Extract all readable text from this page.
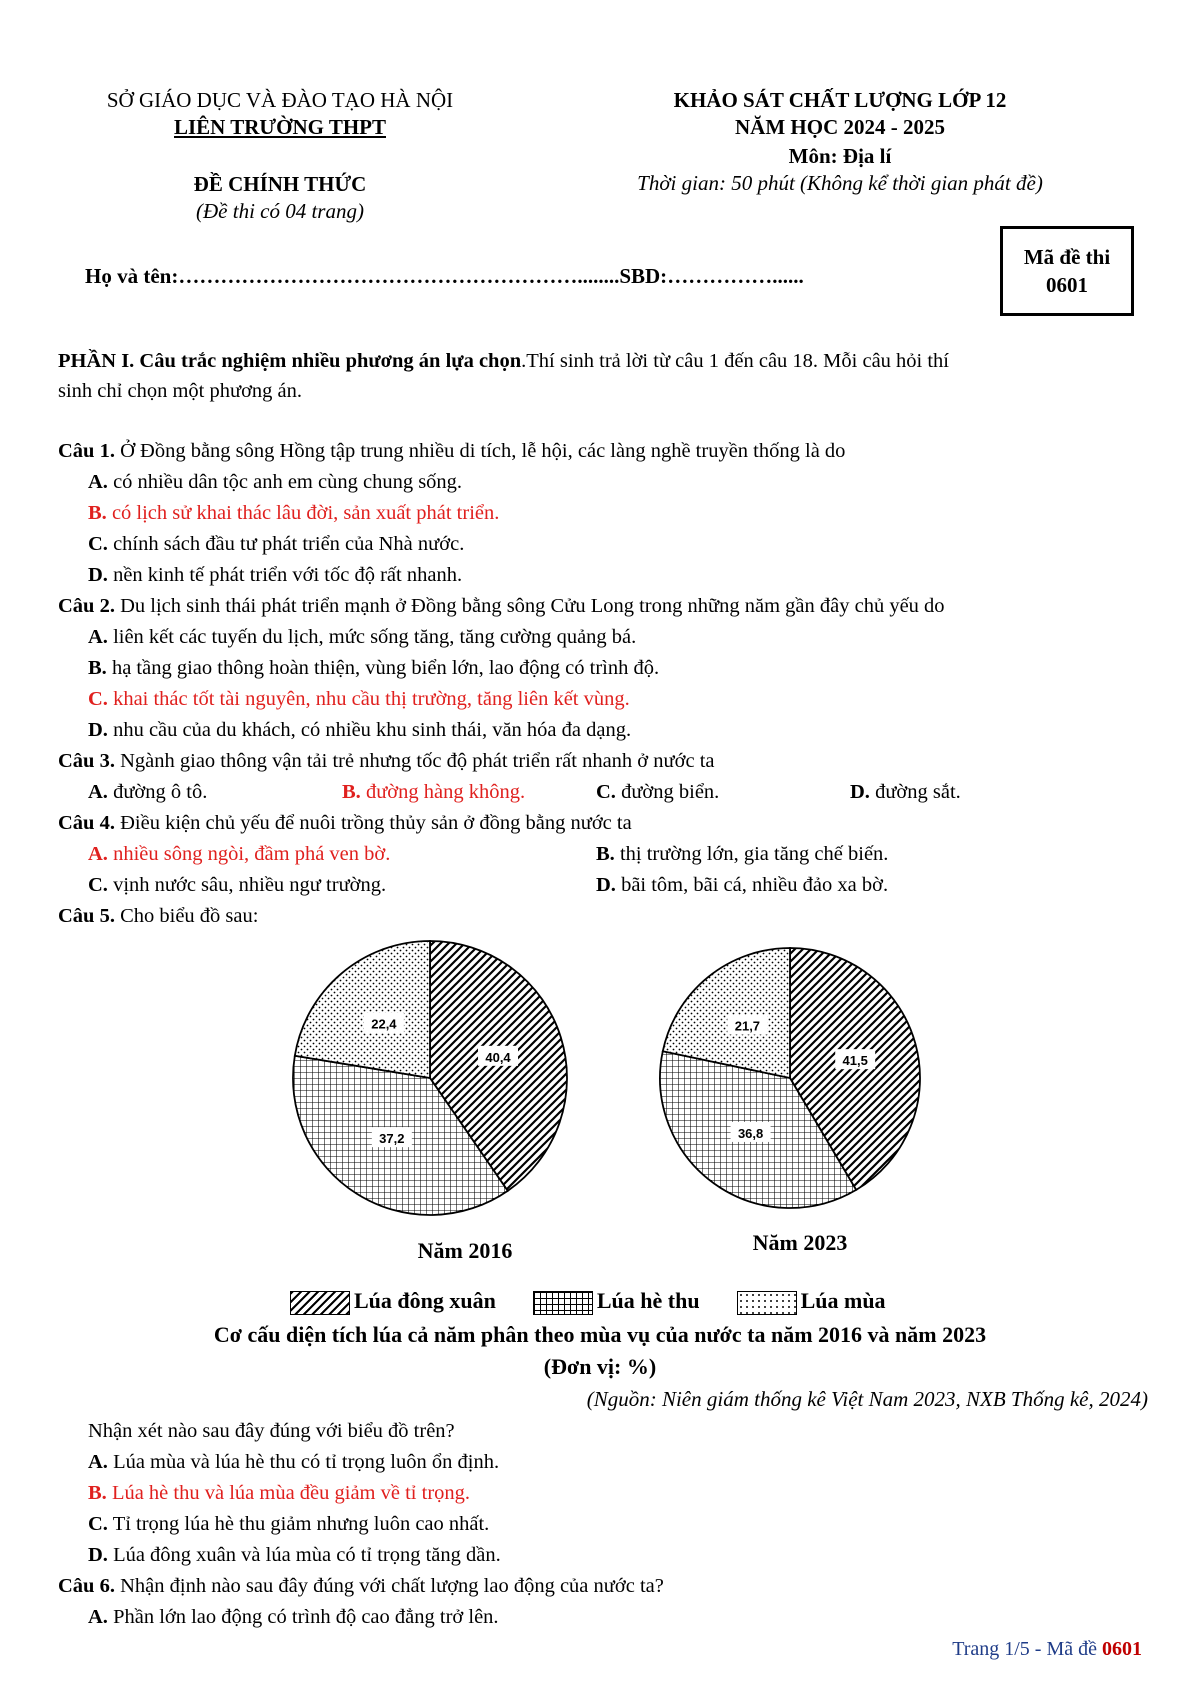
SỞ GIÁO DỤC VÀ ĐÀO TẠO HÀ NỘI
LIÊN TRƯỜNG THPT
ĐỀ CHÍNH THỨC
(Đề thi có 04 trang)
KHẢO SÁT CHẤT LƯỢNG LỚP 12
NĂM HỌC 2024 - 2025
Môn: Địa lí
Thời gian: 50 phút (Không kể thời gian phát đề)
Họ và tên:…………………………………………………........SBD:……………......
Mã đề thi
0601
PHẦN I. Câu trắc nghiệm nhiều phương án lựa chọn.Thí sinh trả lời từ câu 1 đến câu 18. Mỗi câu hỏi thí
sinh chỉ chọn một phương án.
Câu 1. Ở Đồng bằng sông Hồng tập trung nhiều di tích, lễ hội, các làng nghề truyền thống là do
A. có nhiều dân tộc anh em cùng chung sống.
B. có lịch sử khai thác lâu đời, sản xuất phát triển.
C. chính sách đầu tư phát triển của Nhà nước.
D. nền kinh tế phát triển với tốc độ rất nhanh.
Câu 2. Du lịch sinh thái phát triển mạnh ở Đồng bằng sông Cửu Long trong những năm gần đây chủ yếu do
A. liên kết các tuyến du lịch, mức sống tăng, tăng cường quảng bá.
B. hạ tầng giao thông hoàn thiện, vùng biển lớn, lao động có trình độ.
C. khai thác tốt tài nguyên, nhu cầu thị trường, tăng liên kết vùng.
D. nhu cầu của du khách, có nhiều khu sinh thái, văn hóa đa dạng.
Câu 3. Ngành giao thông vận tải trẻ nhưng tốc độ phát triển rất nhanh ở nước ta
A. đường ô tô.	B. đường hàng không.	C. đường biển.	D. đường sắt.
Câu 4. Điều kiện chủ yếu để nuôi trồng thủy sản ở đồng bằng nước ta
A. nhiều sông ngòi, đầm phá ven bờ.	B. thị trường lớn, gia tăng chế biến.
C. vịnh nước sâu, nhiều ngư trường.	D. bãi tôm, bãi cá, nhiều đảo xa bờ.
Câu 5. Cho biểu đồ sau:
40,4
37,2
22,4
41,5
36,8
21,7
Năm 2016	Năm 2023
Lúa đông xuân	Lúa hè thu	Lúa mùa
Cơ cấu diện tích lúa cả năm phân theo mùa vụ của nước ta năm 2016 và năm 2023
(Đơn vị: %)
(Nguồn: Niên giám thống kê Việt Nam 2023, NXB Thống kê, 2024)
Nhận xét nào sau đây đúng với biểu đồ trên?
A. Lúa mùa và lúa hè thu có tỉ trọng luôn ổn định.
B. Lúa hè thu và lúa mùa đều giảm về tỉ trọng.
C. Tỉ trọng lúa hè thu giảm nhưng luôn cao nhất.
D. Lúa đông xuân và lúa mùa có tỉ trọng tăng dần.
Câu 6. Nhận định nào sau đây đúng với chất lượng lao động của nước ta?
A. Phần lớn lao động có trình độ cao đẳng trở lên.
Trang 1/5 - Mã đề 0601
